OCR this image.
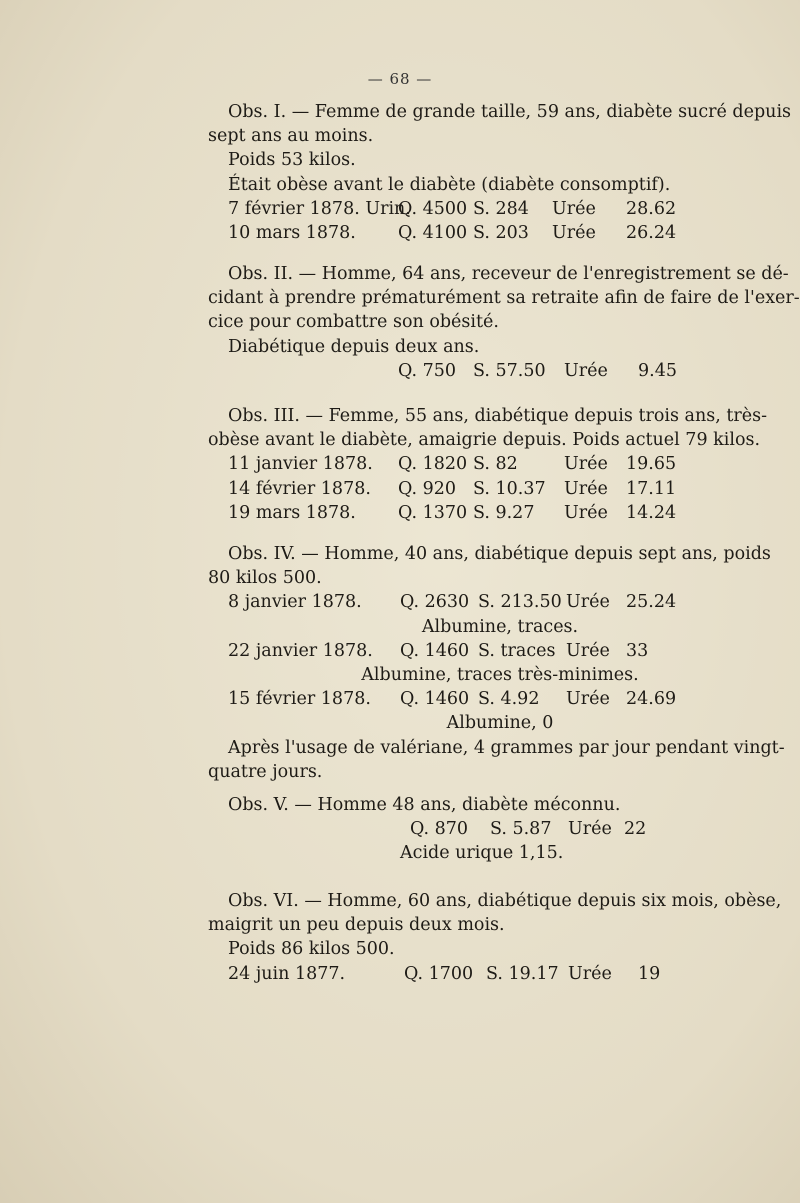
— 68 —
Obs. I. — Femme de grande taille, 59 ans, diabète sucré depuis
sept ans au moins.
Poids 53 kilos.
Était obèse avant le diabète (diabète consomptif).
7 février 1878. Urin.
Q. 4500 S. 284 Urée 28.62
10 mars 1878. Q. 4100 S. 203 Urée 26.24
Obs. II. — Homme, 64 ans, receveur de l'enregistrement se dé-
cidant à prendre prématurément sa retraite afin de faire de l'exer-
cice pour combattre son obésité.
Diabétique depuis deux ans.
Q. 750 S. 57.50 Urée 9.45
Obs. III. — Femme, 55 ans, diabétique depuis trois ans, très-
obèse avant le diabète, amaigrie depuis. Poids actuel 79 kilos.
11 janvier 1878. Q. 1820 S. 82	Urée 19.65
14 février 1878. Q. 920 S. 10.37 Urée 17.11
19 mars 1878. Q. 1370 S. 9.27 Urée 14.24
Obs. IV. — Homme, 40 ans, diabétique depuis sept ans, poids
80 kilos 500.
8 janvier 1878. Q. 2630 S. 213.50 Urée 25.24
Albumine, traces.
22 janvier 1878. Q. 1460 S. traces Urée 33
Albumine, traces très-minimes.
15 février 1878. Q. 1460 S. 4.92 Urée 24.69
Albumine, 0
Après l'usage de valériane, 4 grammes par jour pendant vingt-
quatre jours.
Obs. V. — Homme 48 ans, diabète méconnu.
Q. 870 S. 5.87 Urée 22
Acide urique 1,15.
Obs. VI. — Homme, 60 ans, diabétique depuis six mois, obèse,
maigrit un peu depuis deux mois.
Poids 86 kilos 500.
24 juin 1877.	Q. 1700 S. 19.17 Urée 19
